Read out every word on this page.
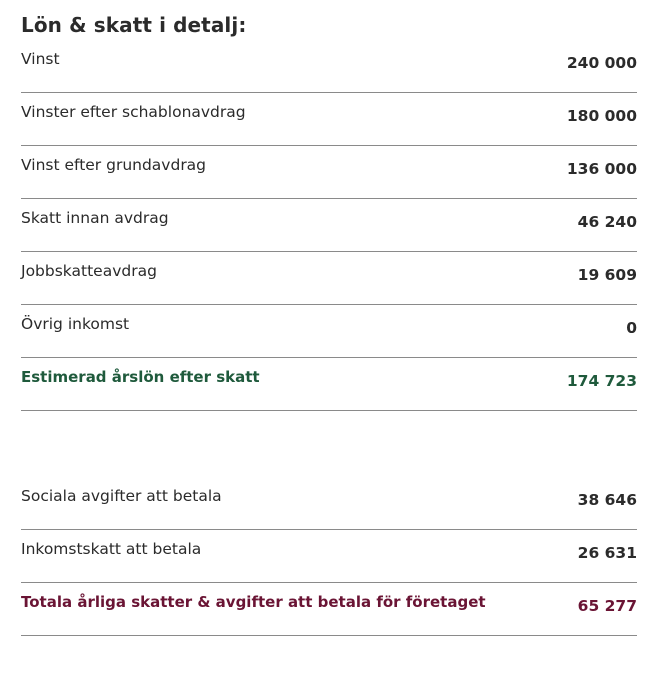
Lön & skatt i detalj:
Vinst	240 000
Vinster efter schablonavdrag	180 000
Vinst efter grundavdrag	136 000
Skatt innan avdrag	46 240
Jobbskatteavdrag	19 609
Övrig inkomst	0
Estimerad årslön efter skatt	174 723
Sociala avgifter att betala	38 646
Inkomstskatt att betala	26 631
Totala årliga skatter & avgifter att betala för företaget	65 277
